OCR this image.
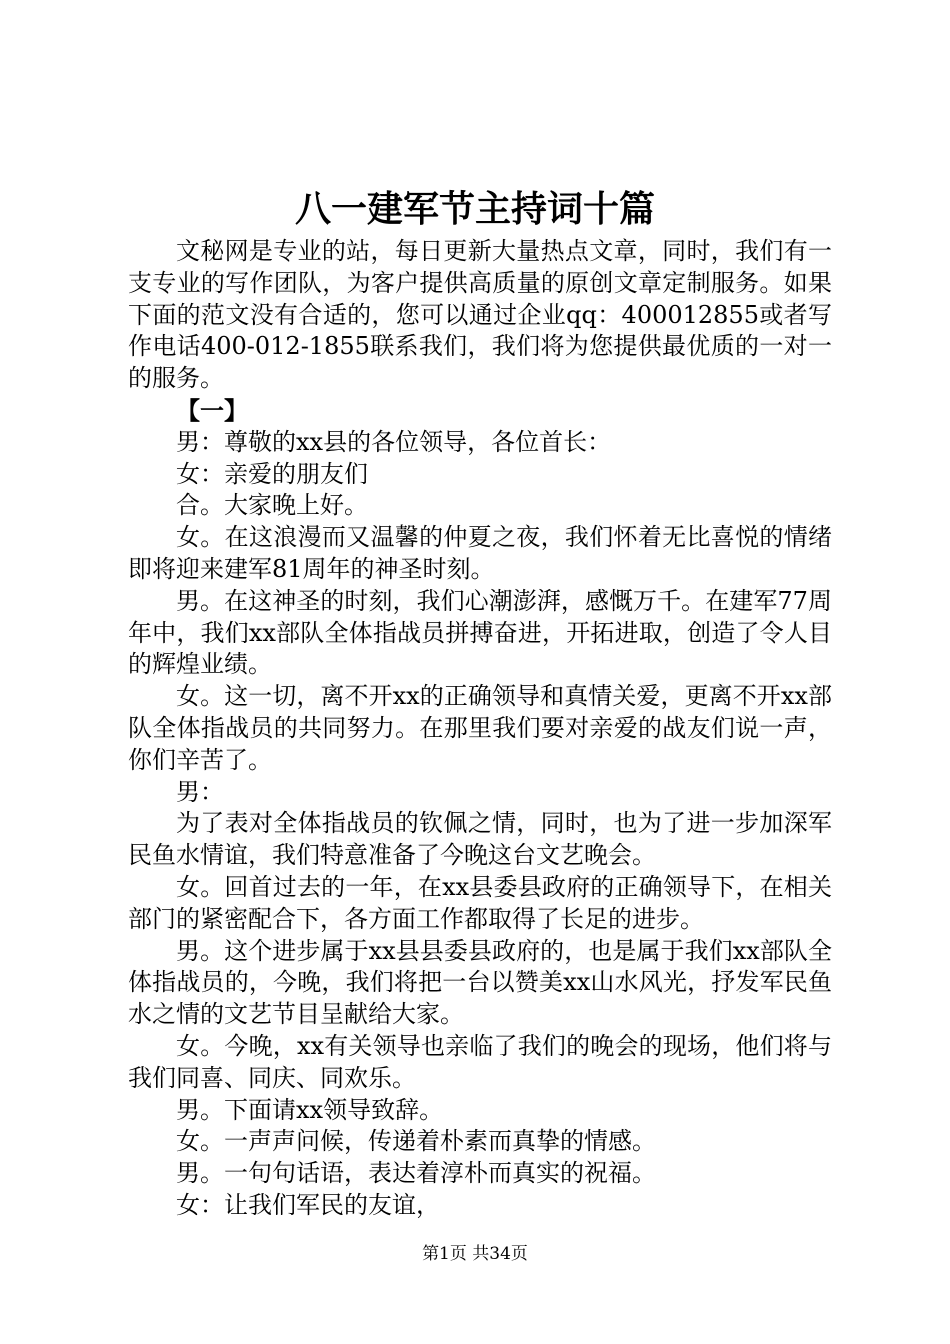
八一建军节主持词十篇

文秘网是专业的站，每日更新大量热点文章，同时，我们有一支专业的写作团队，为客户提供高质量的原创文章定制服务。如果下面的范文没有合适的，您可以通过企业qq：400012855或者写作电话400-012-1855联系我们，我们将为您提供最优质的一对一的服务。

【一】

男：尊敬的xx县的各位领导，各位首长：

女：亲爱的朋友们

合。大家晚上好。

女。在这浪漫而又温馨的仲夏之夜，我们怀着无比喜悦的情绪即将迎来建军81周年的神圣时刻。

男。在这神圣的时刻，我们心潮澎湃，感慨万千。在建军77周年中，我们xx部队全体指战员拼搏奋进，开拓进取，创造了令人目的辉煌业绩。

女。这一切，离不开xx的正确领导和真情关爱，更离不开xx部队全体指战员的共同努力。在那里我们要对亲爱的战友们说一声，你们辛苦了。

男：

为了表对全体指战员的钦佩之情，同时，也为了进一步加深军民鱼水情谊，我们特意准备了今晚这台文艺晚会。

女。回首过去的一年，在xx县委县政府的正确领导下，在相关部门的紧密配合下，各方面工作都取得了长足的进步。

男。这个进步属于xx县县委县政府的，也是属于我们xx部队全体指战员的，今晚，我们将把一台以赞美xx山水风光，抒发军民鱼水之情的文艺节目呈献给大家。

女。今晚，xx有关领导也亲临了我们的晚会的现场，他们将与我们同喜、同庆、同欢乐。

男。下面请xx领导致辞。

女。一声声问候，传递着朴素而真挚的情感。

男。一句句话语，表达着淳朴而真实的祝福。

女：让我们军民的友谊，

第1页 共34页
